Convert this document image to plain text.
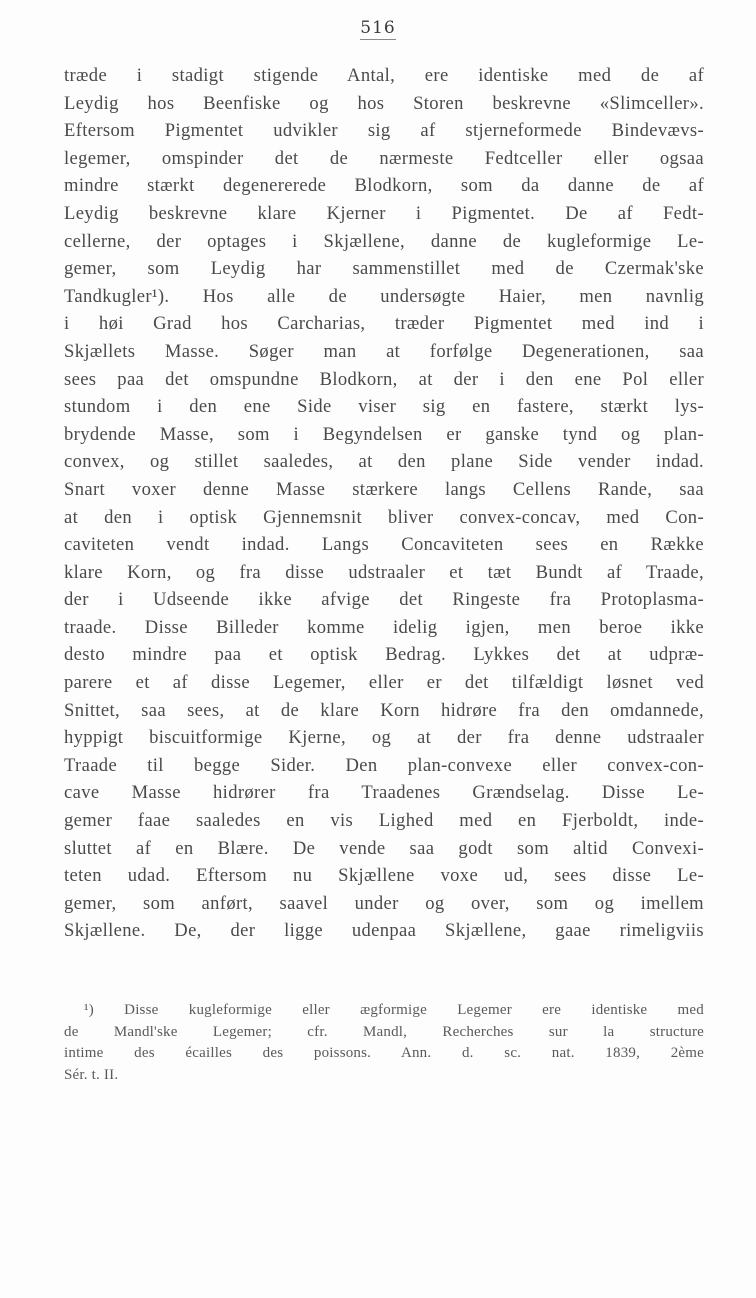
516
træde i stadigt stigende Antal, ere identiske med de af
Leydig hos Beenfiske og hos Storen beskrevne «Slimceller».
Eftersom Pigmentet udvikler sig af stjerneformede Bindevævs-
legemer, omspinder det de nærmeste Fedtceller eller ogsaa
mindre stærkt degenererede Blodkorn, som da danne de af
Leydig beskrevne klare Kjerner i Pigmentet. De af Fedt-
cellerne, der optages i Skjællene, danne de kugleformige Le-
gemer, som Leydig har sammenstillet med de Czermak'ske
Tandkugler¹). Hos alle de undersøgte Haier, men navnlig
i høi Grad hos Carcharias, træder Pigmentet med ind i
Skjællets Masse. Søger man at forfølge Degenerationen, saa
sees paa det omspundne Blodkorn, at der i den ene Pol eller
stundom i den ene Side viser sig en fastere, stærkt lys-
brydende Masse, som i Begyndelsen er ganske tynd og plan-
convex, og stillet saaledes, at den plane Side vender indad.
Snart voxer denne Masse stærkere langs Cellens Rande, saa
at den i optisk Gjennemsnit bliver convex-concav, med Con-
caviteten vendt indad. Langs Concaviteten sees en Række
klare Korn, og fra disse udstraaler et tæt Bundt af Traade,
der i Udseende ikke afvige det Ringeste fra Protoplasma-
traade. Disse Billeder komme idelig igjen, men beroe ikke
desto mindre paa et optisk Bedrag. Lykkes det at udpræ-
parere et af disse Legemer, eller er det tilfældigt løsnet ved
Snittet, saa sees, at de klare Korn hidrøre fra den omdannede,
hyppigt biscuitformige Kjerne, og at der fra denne udstraaler
Traade til begge Sider. Den plan-convexe eller convex-con-
cave Masse hidrører fra Traadenes Grændselag. Disse Le-
gemer faae saaledes en vis Lighed med en Fjerboldt, inde-
sluttet af en Blære. De vende saa godt som altid Convexi-
teten udad. Eftersom nu Skjællene voxe ud, sees disse Le-
gemer, som anført, saavel under og over, som og imellem
Skjællene. De, der ligge udenpaa Skjællene, gaae rimeligviis
¹) Disse kugleformige eller ægformige Legemer ere identiske med
de Mandl'ske Legemer; cfr. Mandl, Recherches sur la structure
intime des écailles des poissons. Ann. d. sc. nat. 1839, 2ème
Sér. t. II.
